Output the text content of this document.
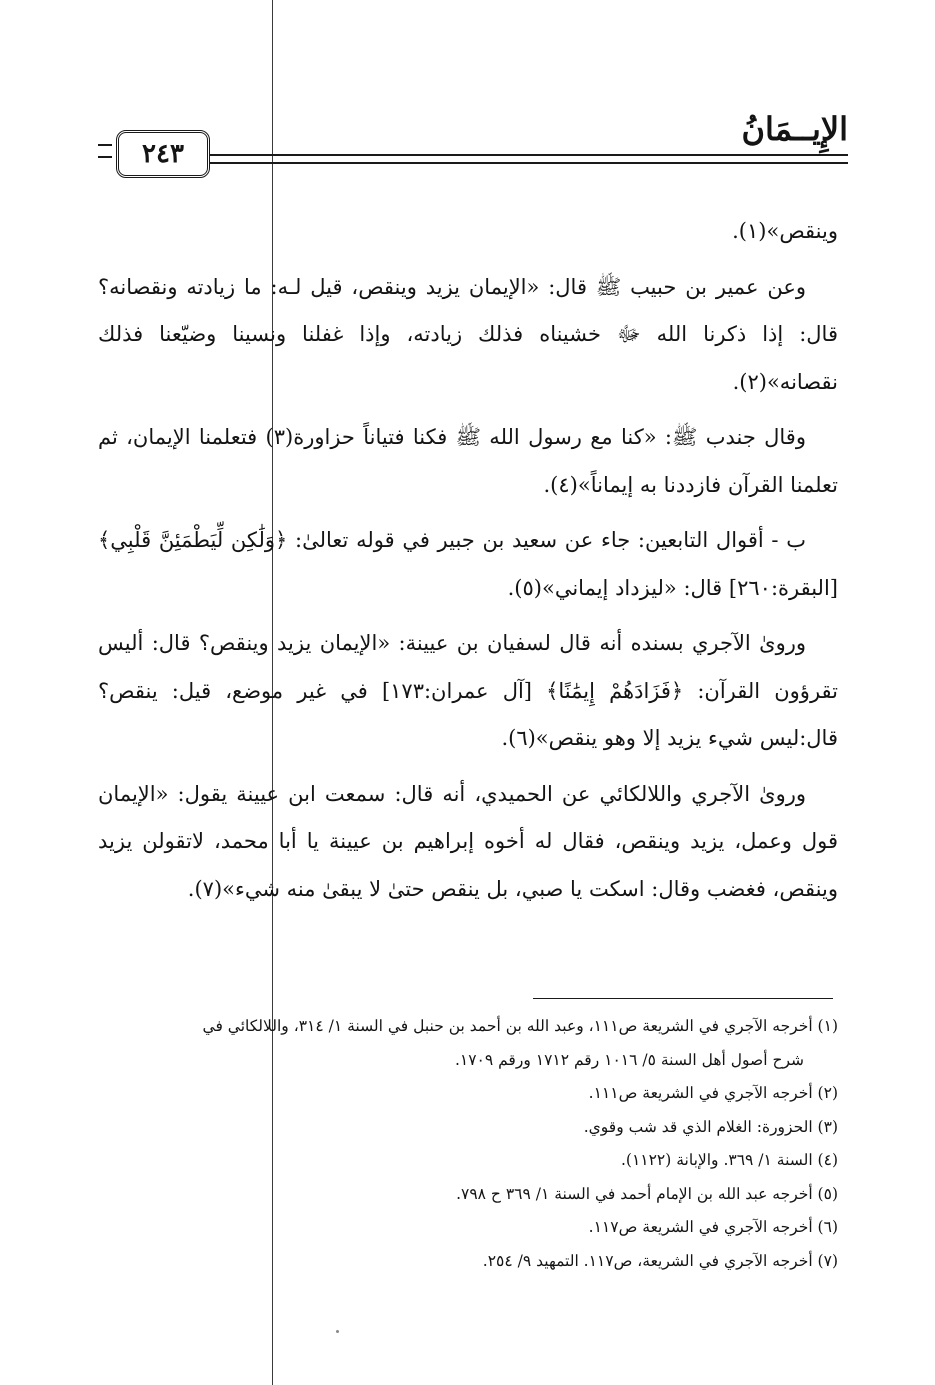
الإِيــمَانُ
٢٤٣

وينقص»(١).

وعن عمير بن حبيب ﷺ قال: «الإيمان يزيد وينقص، قيل لـه: ما زيادته ونقصانه؟ قال: إذا ذكرنا الله ﷻ خشيناه فذلك زيادته، وإذا غفلنا ونسينا وضيّعنا فذلك نقصانه»(٢).

وقال جندب ﷺ: «كنا مع رسول الله ﷺ فكنا فتياناً حزاورة(٣) فتعلمنا الإيمان، ثم تعلمنا القرآن فازددنا به إيماناً»(٤).

ب - أقوال التابعين: جاء عن سعيد بن جبير في قوله تعالىٰ: ﴿وَلَٰكِن لِّيَطْمَئِنَّ قَلْبِي﴾[البقرة:٢٦٠] قال: «ليزداد إيماني»(٥).

وروىٰ الآجري بسنده أنه قال لسفيان بن عيينة: «الإيمان يزيد وينقص؟ قال: أليس تقرؤون القرآن: ﴿فَزَادَهُمْ إِيمَٰنًا﴾ [آل عمران:١٧٣] في غير موضع، قيل: ينقص؟ قال:ليس شيء يزيد إلا وهو ينقص»(٦).

وروىٰ الآجري واللالكائي عن الحميدي، أنه قال: سمعت ابن عيينة يقول: «الإيمان قول وعمل، يزيد وينقص، فقال له أخوه إبراهيم بن عيينة يا أبا محمد، لاتقولن يزيد وينقص، فغضب وقال: اسكت يا صبي، بل ينقص حتىٰ لا يبقىٰ منه شيء»(٧).

(١) أخرجه الآجري في الشريعة ص١١١، وعبد الله بن أحمد بن حنبل في السنة ١/ ٣١٤، واللالكائي في

شرح أصول أهل السنة ٥/ ١٠١٦ رقم ١٧١٢ ورقم ١٧٠٩.

(٢) أخرجه الآجري في الشريعة ص١١١.

(٣) الحزورة: الغلام الذي قد شب وقوي.

(٤) السنة ١/ ٣٦٩. والإبانة (١١٢٢).

(٥) أخرجه عبد الله بن الإمام أحمد في السنة ١/ ٣٦٩ ح ٧٩٨.

(٦) أخرجه الآجري في الشريعة ص١١٧.

(٧) أخرجه الآجري في الشريعة، ص١١٧. التمهيد ٩/ ٢٥٤.
